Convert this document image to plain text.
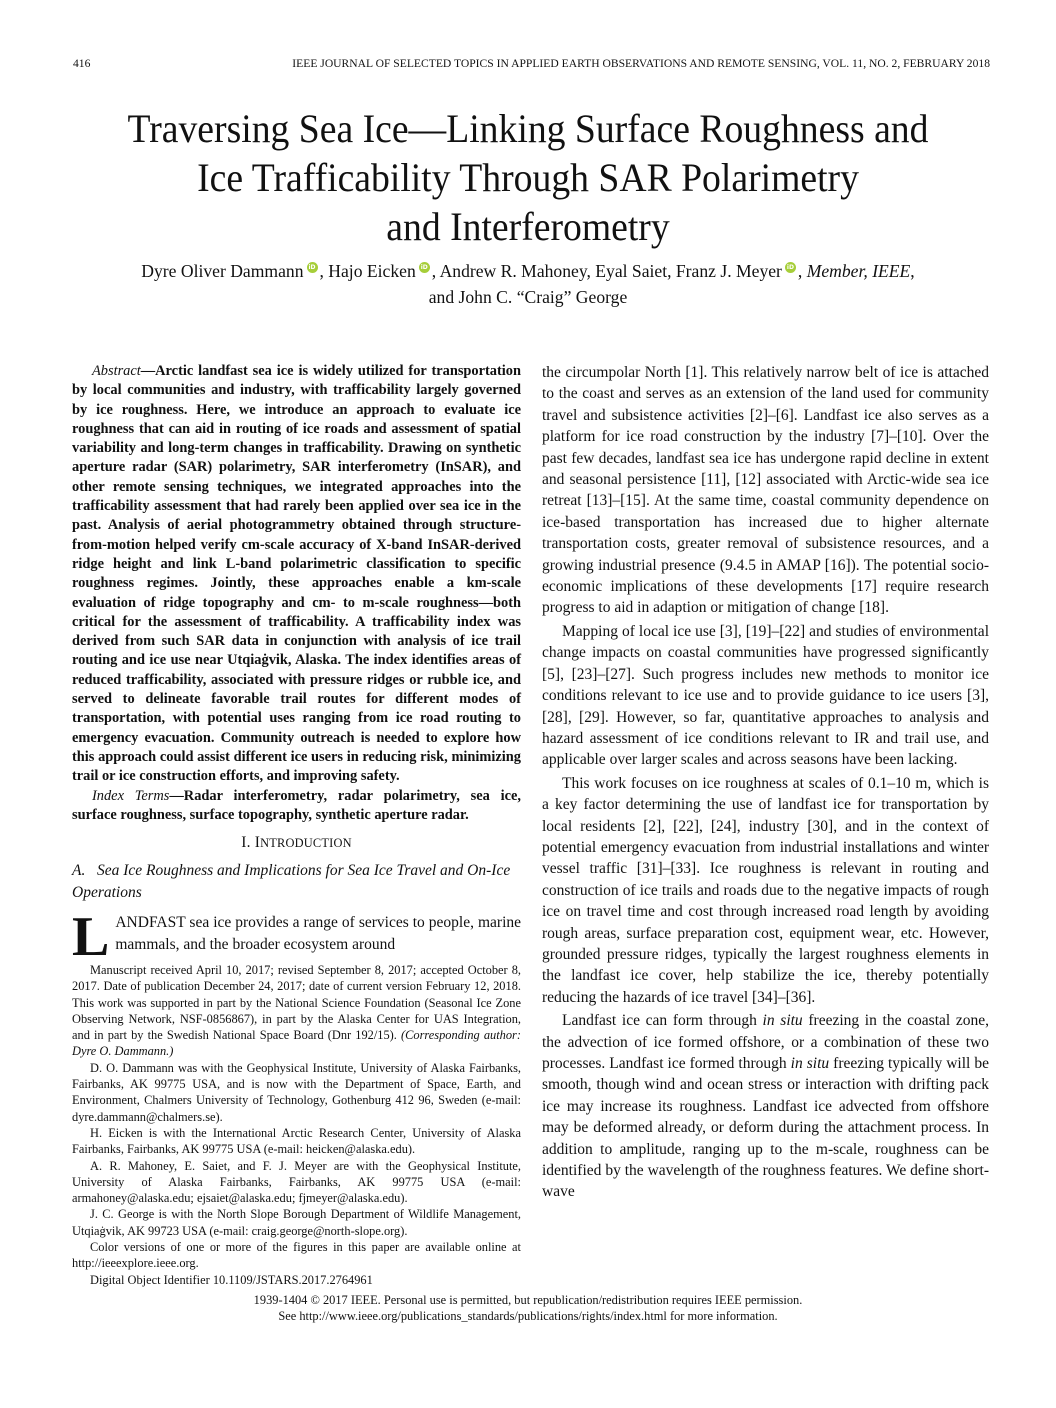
416	IEEE JOURNAL OF SELECTED TOPICS IN APPLIED EARTH OBSERVATIONS AND REMOTE SENSING, VOL. 11, NO. 2, FEBRUARY 2018
Traversing Sea Ice—Linking Surface Roughness and
Ice Trafficability Through SAR Polarimetry
and Interferometry
Dyre Oliver Dammann iD , Hajo Eicken iD , Andrew R. Mahoney, Eyal Saiet, Franz J. Meyer iD , Member, IEEE,
and John C. “Craig” George

Abstract—Arctic landfast sea ice is widely utilized for transportation by local communities and industry, with trafficability largely governed by ice roughness. Here, we introduce an approach to evaluate ice roughness that can aid in routing of ice roads and assessment of spatial variability and long-term changes in trafficability. Drawing on synthetic aperture radar (SAR) polarimetry, SAR interferometry (InSAR), and other remote sensing techniques, we integrated approaches into the trafficability assessment that had rarely been applied over sea ice in the past. Analysis of aerial photogrammetry obtained through structure-from-motion helped verify cm-scale accuracy of X-band InSAR-derived ridge height and link L-band polarimetric classification to specific roughness regimes. Jointly, these approaches enable a km-scale evaluation of ridge topography and cm- to m-scale roughness—both critical for the assessment of trafficability. A trafficability index was derived from such SAR data in conjunction with analysis of ice trail routing and ice use near Utqiaġvik, Alaska. The index identifies areas of reduced trafficability, associated with pressure ridges or rubble ice, and served to delineate favorable trail routes for different modes of transportation, with potential uses ranging from ice road routing to emergency evacuation. Community outreach is needed to explore how this approach could assist different ice users in reducing risk, minimizing trail or ice construction efforts, and improving safety.

Index Terms—Radar interferometry, radar polarimetry, sea ice, surface roughness, surface topography, synthetic aperture radar.

I. INTRODUCTION
A.  Sea Ice Roughness and Implications for Sea Ice Travel and On-Ice Operations
LANDFAST sea ice provides a range of services to people, marine mammals, and the broader ecosystem around

Manuscript received April 10, 2017; revised September 8, 2017; accepted October 8, 2017. Date of publication December 24, 2017; date of current version February 12, 2018. This work was supported in part by the National Science Foundation (Seasonal Ice Zone Observing Network, NSF-0856867), in part by the Alaska Center for UAS Integration, and in part by the Swedish National Space Board (Dnr 192/15). (Corresponding author: Dyre O. Dammann.)

D. O. Dammann was with the Geophysical Institute, University of Alaska Fairbanks, Fairbanks, AK 99775 USA, and is now with the Department of Space, Earth, and Environment, Chalmers University of Technology, Gothenburg 412 96, Sweden (e-mail: dyre.dammann@chalmers.se).

H. Eicken is with the International Arctic Research Center, University of Alaska Fairbanks, Fairbanks, AK 99775 USA (e-mail: heicken@alaska.edu).

A. R. Mahoney, E. Saiet, and F. J. Meyer are with the Geophysical Institute, University of Alaska Fairbanks, Fairbanks, AK 99775 USA (e-mail: armahoney@alaska.edu; ejsaiet@alaska.edu; fjmeyer@alaska.edu).

J. C. George is with the North Slope Borough Department of Wildlife Management, Utqiaġvik, AK 99723 USA (e-mail: craig.george@north-slope.org).

Color versions of one or more of the figures in this paper are available online at http://ieeexplore.ieee.org.

Digital Object Identifier 10.1109/JSTARS.2017.2764961

the circumpolar North [1]. This relatively narrow belt of ice is attached to the coast and serves as an extension of the land used for community travel and subsistence activities [2]–[6]. Landfast ice also serves as a platform for ice road construction by the industry [7]–[10]. Over the past few decades, landfast sea ice has undergone rapid decline in extent and seasonal persistence [11], [12] associated with Arctic-wide sea ice retreat [13]–[15]. At the same time, coastal community dependence on ice-based transportation has increased due to higher alternate transportation costs, greater removal of subsistence resources, and a growing industrial presence (9.4.5 in AMAP [16]). The potential socio-economic implications of these developments [17] require research progress to aid in adaption or mitigation of change [18].

Mapping of local ice use [3], [19]–[22] and studies of environmental change impacts on coastal communities have progressed significantly [5], [23]–[27]. Such progress includes new methods to monitor ice conditions relevant to ice use and to provide guidance to ice users [3], [28], [29]. However, so far, quantitative approaches to analysis and hazard assessment of ice conditions relevant to IR and trail use, and applicable over larger scales and across seasons have been lacking.

This work focuses on ice roughness at scales of 0.1–10 m, which is a key factor determining the use of landfast ice for transportation by local residents [2], [22], [24], industry [30], and in the context of potential emergency evacuation from industrial installations and winter vessel traffic [31]–[33]. Ice roughness is relevant in routing and construction of ice trails and roads due to the negative impacts of rough ice on travel time and cost through increased road length by avoiding rough areas, surface preparation cost, equipment wear, etc. However, grounded pressure ridges, typically the largest roughness elements in the landfast ice cover, help stabilize the ice, thereby potentially reducing the hazards of ice travel [34]–[36].

Landfast ice can form through in situ freezing in the coastal zone, the advection of ice formed offshore, or a combination of these two processes. Landfast ice formed through in situ freezing typically will be smooth, though wind and ocean stress or interaction with drifting pack ice may increase its roughness. Landfast ice advected from offshore may be deformed already, or deform during the attachment process. In addition to amplitude, ranging up to the m-scale, roughness can be identified by the wavelength of the roughness features. We define short-wave

1939-1404 © 2017 IEEE. Personal use is permitted, but republication/redistribution requires IEEE permission.
See http://www.ieee.org/publications_standards/publications/rights/index.html for more information.
